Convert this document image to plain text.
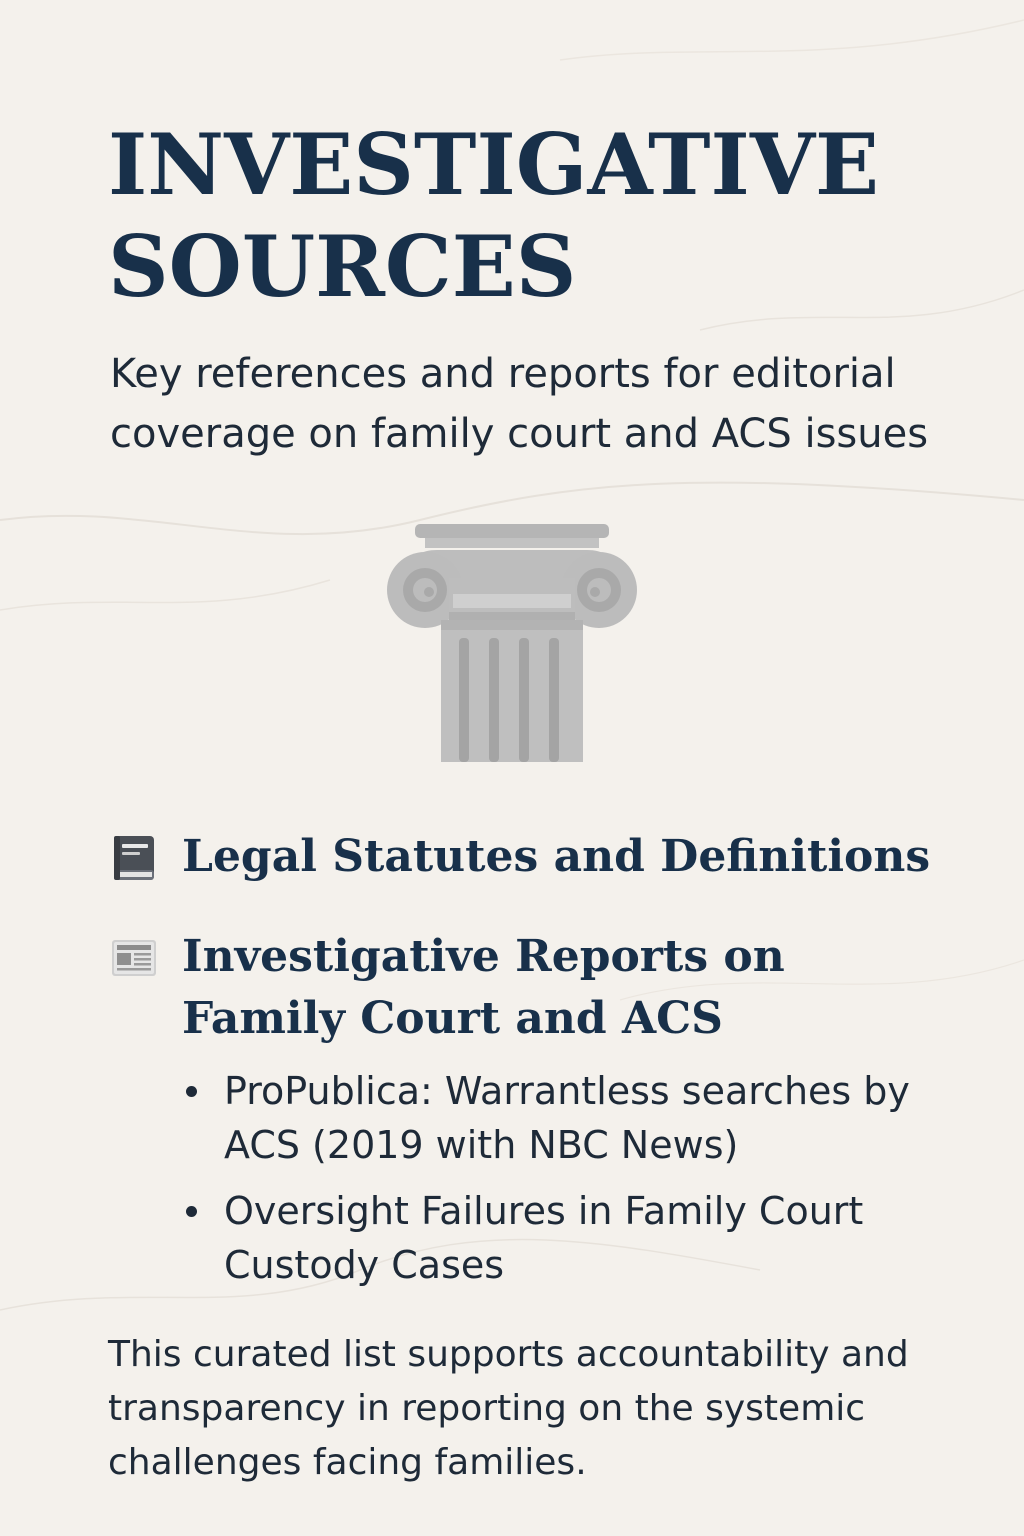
INVESTIGATIVE SOURCES

Key references and reports for editorial coverage on family court and ACS issues

Legal Statutes and Definitions
Investigative Reports on Family Court and ACS
ProPublica: Warrantless searches by ACS (2019 with NBC News)
Oversight Failures in Family Court Custody Cases

This curated list supports accountability and transparency in reporting on the systemic challenges facing families.
